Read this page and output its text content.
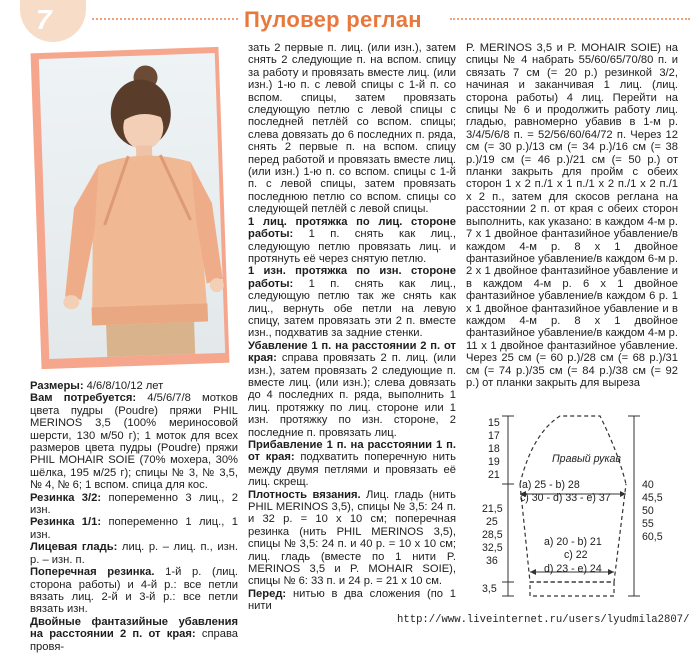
7	Пуловер реглан

Размеры: 4/6/8/10/12 лет

Вам потребуется: 4/5/6/7/8 мотков цвета пудры (Poudre) пряжи PHIL MERINOS 3,5 (100% мериносовой шерсти, 130 м/50 г); 1 моток для всех размеров цвета пудры (Poudre) пряжи PHIL MOHAIR SOIE (70% мохера, 30% шёлка, 195 м/25 г); спицы № 3, № 3,5, № 4, № 6; 1 вспом. спица для кос.

Резинка 3/2: попеременно 3 лиц., 2 изн.

Резинка 1/1: попеременно 1 лиц., 1 изн.

Лицевая гладь: лиц. р. – лиц. п., изн. р. – изн. п.

Поперечная резинка. 1-й р. (лиц. сторона работы) и 4-й р.: все петли вязать лиц. 2-й и 3-й р.: все петли вязать изн.

Двойные фантазийные убавления на расстоянии 2 п. от края: справа провя-

зать 2 первые п. лиц. (или изн.), затем снять 2 следующие п. на вспом. спицу за работу и провязать вместе лиц. (или изн.) 1-ю п. с левой спицы с 1-й п. со вспом. спицы, затем провязать следующую петлю с левой спицы с последней петлёй со вспом. спицы; слева довязать до 6 последних п. ряда, снять 2 первые п. на вспом. спицу перед работой и провязать вместе лиц. (или изн.) 1-ю п. со вспом. спицы с 1-й п. с левой спицы, затем провязать последнюю петлю со вспом. спицы со следующей петлёй с левой спицы.

1 лиц. протяжка по лиц. стороне работы: 1 п. снять как лиц., следующую петлю провязать лиц. и протянуть её через снятую петлю.

1 изн. протяжка по изн. стороне работы: 1 п. снять как лиц., следующую петлю так же снять как лиц., вернуть обе петли на левую спицу, затем провязать эти 2 п. вместе изн., подхватив за задние стенки.

Убавление 1 п. на расстоянии 2 п. от края: справа провязать 2 п. лиц. (или изн.), затем провязать 2 следующие п. вместе лиц. (или изн.); слева довязать до 4 последних п. ряда, выполнить 1 лиц. протяжку по лиц. стороне или 1 изн. протяжку по изн. стороне, 2 последние п. провязать лиц.

Прибавление 1 п. на расстоянии 1 п. от края: подхватить поперечную нить между двумя петлями и провязать её лиц. скрещ.

Плотность вязания. Лиц. гладь (нить PHIL MERINOS 3,5), спицы № 3,5: 24 п. и 32 р. = 10 х 10 см; поперечная резинка (нить PHIL MERINOS 3,5), спицы № 3,5: 24 п. и 40 р. = 10 х 10 см; лиц. гладь (вместе по 1 нити P. MERINOS 3,5 и P. MOHAIR SOIE), спицы № 6: 33 п. и 24 р. = 21 х 10 см.

Перед: нитью в два сложения (по 1 нити

P. MERINOS 3,5 и P. MOHAIR SOIE) на спицы № 4 набрать 55/60/65/70/80 п. и связать 7 см (= 20 р.) резинкой 3/2, начиная и заканчивая 1 лиц. (лиц. сторона работы) 4 лиц. Перейти на спицы № 6 и продолжить работу лиц. гладью, равномерно убавив в 1-м р. 3/4/5/6/8 п. = 52/56/60/64/72 п. Через 12 см (= 30 р.)/13 см (= 34 р.)/16 см (= 38 р.)/19 см (= 46 р.)/21 см (= 50 р.) от планки закрыть для пройм с обеих сторон 1 х 2 п./1 х 1 п./1 х 2 п./1 х 2 п./1 х 2 п., затем для скосов реглана на расстоянии 2 п. от края с обеих сторон выполнить, как указано: в каждом 4-м р. 7 х 1 двойное фантазийное убавление/в каждом 4-м р. 8 х 1 двойное фантазийное убавление/в каждом 6-м р. 2 х 1 двойное фантазийное убавление и в каждом 4-м р. 6 х 1 двойное фантазийное убавление/в каждом 6 р. 1 х 1 двойное фантазийное убавление и в каждом 4-м р. 8 х 1 двойное фантазийное убавление/в каждом 4-м р. 11 х 1 двойное фантазийное убавление. Через 25 см (= 60 р.)/28 см (= 68 р.)/31 см (= 74 р.)/35 см (= 84 р.)/38 см (= 92 р.) от планки закрыть для выреза

Правый рукав
a) 25 - b) 28
c) 30 - d) 33 - e) 37
a) 20 - b) 21
c) 22
d) 23 - e) 24
15
17
18
19
21
21,5
25
28,5
32,5
36
3,5
40
45,5
50
55
60,5
http://www.liveinternet.ru/users/lyudmila2807/
